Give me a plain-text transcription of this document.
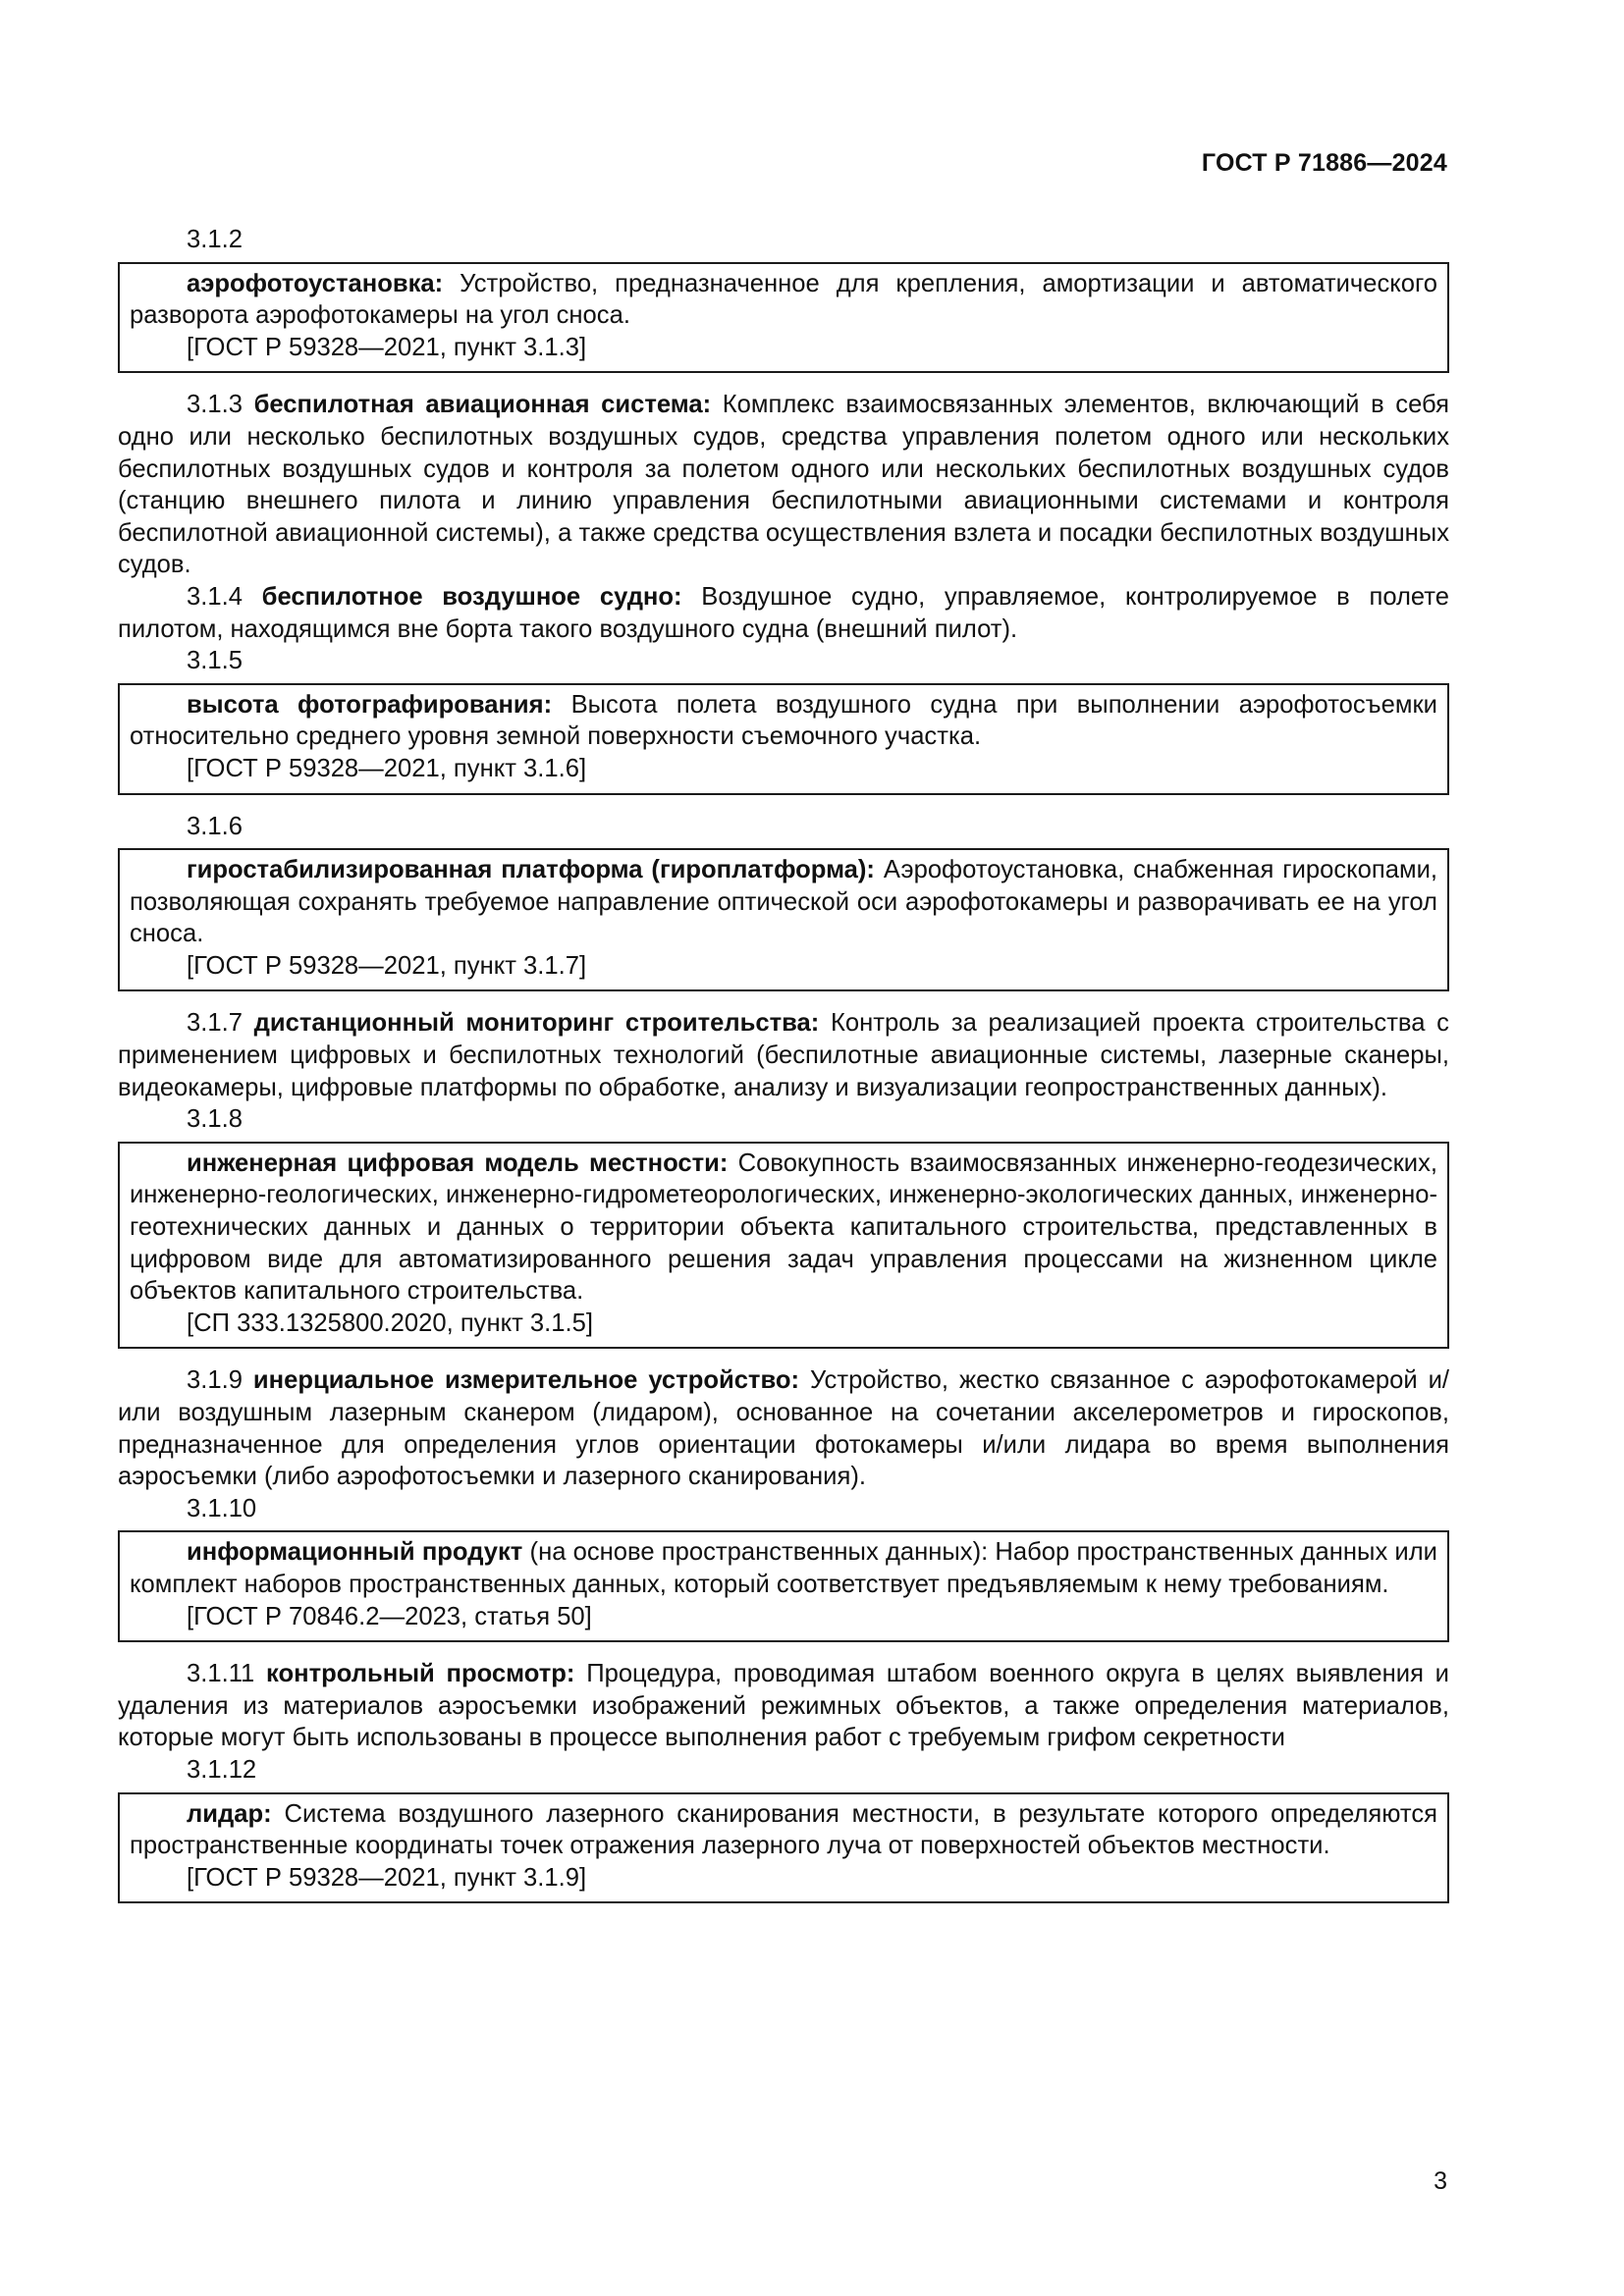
ГОСТ Р 71886—2024
3.1.2
аэрофотоустановка: Устройство, предназначенное для крепления, амортизации и автоматического разворота аэрофотокамеры на угол сноса.
[ГОСТ Р 59328—2021, пункт 3.1.3]
3.1.3 беспилотная авиационная система: Комплекс взаимосвязанных элементов, включающий в себя одно или несколько беспилотных воздушных судов, средства управления полетом одного или нескольких беспилотных воздушных судов и контроля за полетом одного или нескольких беспилотных воздушных судов (станцию внешнего пилота и линию управления беспилотными авиационными системами и контроля беспилотной авиационной системы), а также средства осуществления взлета и посадки беспилотных воздушных судов.
3.1.4 беспилотное воздушное судно: Воздушное судно, управляемое, контролируемое в полете пилотом, находящимся вне борта такого воздушного судна (внешний пилот).
3.1.5
высота фотографирования: Высота полета воздушного судна при выполнении аэрофотосъемки относительно среднего уровня земной поверхности съемочного участка.
[ГОСТ Р 59328—2021, пункт 3.1.6]
3.1.6
гиростабилизированная платформа (гироплатформа): Аэрофотоустановка, снабженная гироскопами, позволяющая сохранять требуемое направление оптической оси аэрофотокамеры и разворачивать ее на угол сноса.
[ГОСТ Р 59328—2021, пункт 3.1.7]
3.1.7 дистанционный мониторинг строительства: Контроль за реализацией проекта строительства с применением цифровых и беспилотных технологий (беспилотные авиационные системы, лазерные сканеры, видеокамеры, цифровые платформы по обработке, анализу и визуализации геопространственных данных).
3.1.8
инженерная цифровая модель местности: Совокупность взаимосвязанных инженерно-геодезических, инженерно-геологических, инженерно-гидрометеорологических, инженерно-экологических данных, инженерно-геотехнических данных и данных о территории объекта капитального строительства, представленных в цифровом виде для автоматизированного решения задач управления процессами на жизненном цикле объектов капитального строительства.
[СП 333.1325800.2020, пункт 3.1.5]
3.1.9 инерциальное измерительное устройство: Устройство, жестко связанное с аэрофотокамерой и/или воздушным лазерным сканером (лидаром), основанное на сочетании акселерометров и гироскопов, предназначенное для определения углов ориентации фотокамеры и/или лидара во время выполнения аэросъемки (либо аэрофотосъемки и лазерного сканирования).
3.1.10
информационный продукт (на основе пространственных данных): Набор пространственных данных или комплект наборов пространственных данных, который соответствует предъявляемым к нему требованиям.
[ГОСТ Р 70846.2—2023, статья 50]
3.1.11 контрольный просмотр: Процедура, проводимая штабом военного округа в целях выявления и удаления из материалов аэросъемки изображений режимных объектов, а также определения материалов, которые могут быть использованы в процессе выполнения работ с требуемым грифом секретности
3.1.12
лидар: Система воздушного лазерного сканирования местности, в результате которого определяются пространственные координаты точек отражения лазерного луча от поверхностей объектов местности.
[ГОСТ Р 59328—2021, пункт 3.1.9]
3
